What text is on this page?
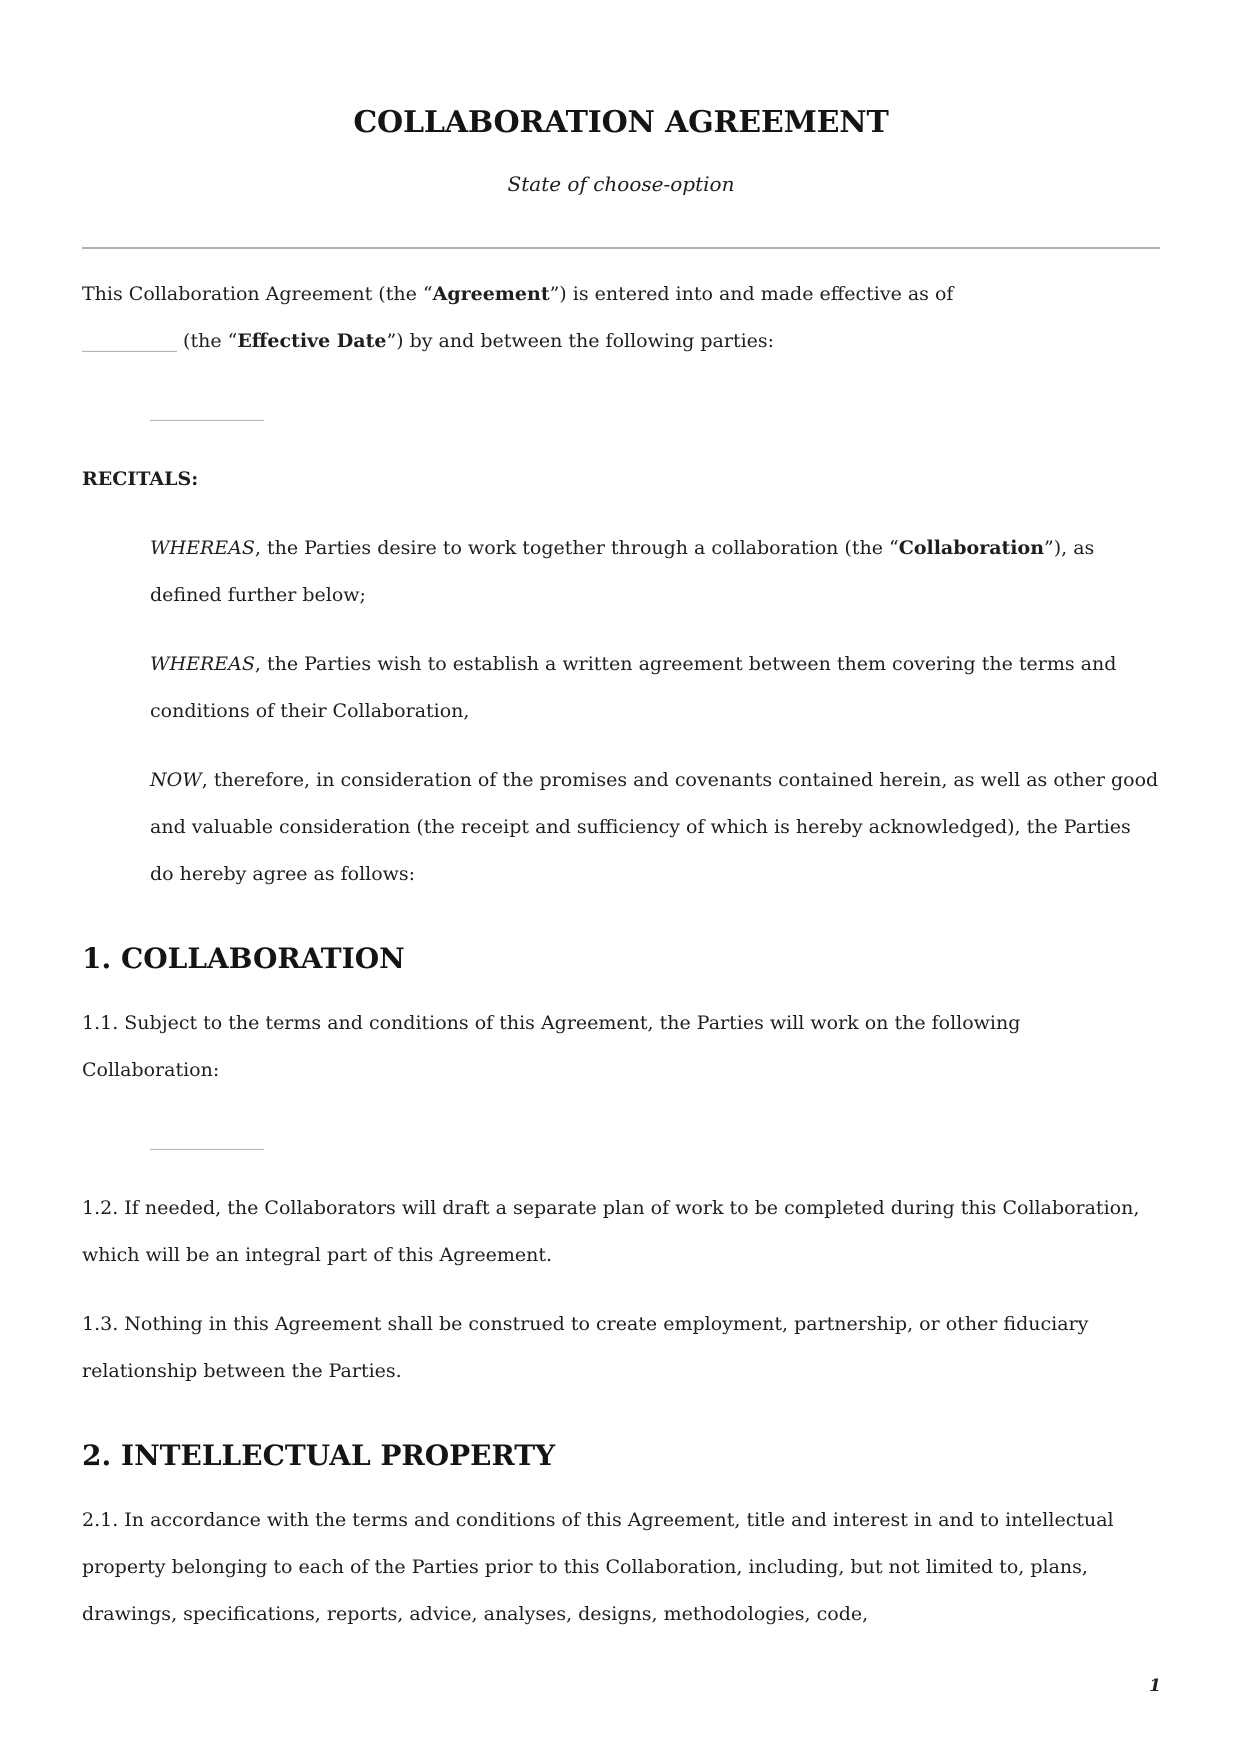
COLLABORATION AGREEMENT
State of choose-option

This Collaboration Agreement (the “Agreement”) is entered into and made effective as of
__________ (the “Effective Date”) by and between the following parties:

____________

RECITALS:

WHEREAS, the Parties desire to work together through a collaboration (the “Collaboration”), as defined further below;

WHEREAS, the Parties wish to establish a written agreement between them covering the terms and conditions of their Collaboration,

NOW, therefore, in consideration of the promises and covenants contained herein, as well as other good and valuable consideration (the receipt and sufficiency of which is hereby acknowledged), the Parties do hereby agree as follows:

1. COLLABORATION

1.1. Subject to the terms and conditions of this Agreement, the Parties will work on the following Collaboration:

____________

1.2. If needed, the Collaborators will draft a separate plan of work to be completed during this Collaboration, which will be an integral part of this Agreement.

1.3. Nothing in this Agreement shall be construed to create employment, partnership, or other fiduciary relationship between the Parties.

2. INTELLECTUAL PROPERTY

2.1. In accordance with the terms and conditions of this Agreement, title and interest in and to intellectual property belonging to each of the Parties prior to this Collaboration, including, but not limited to, plans, drawings, specifications, reports, advice, analyses, designs, methodologies, code,

1
